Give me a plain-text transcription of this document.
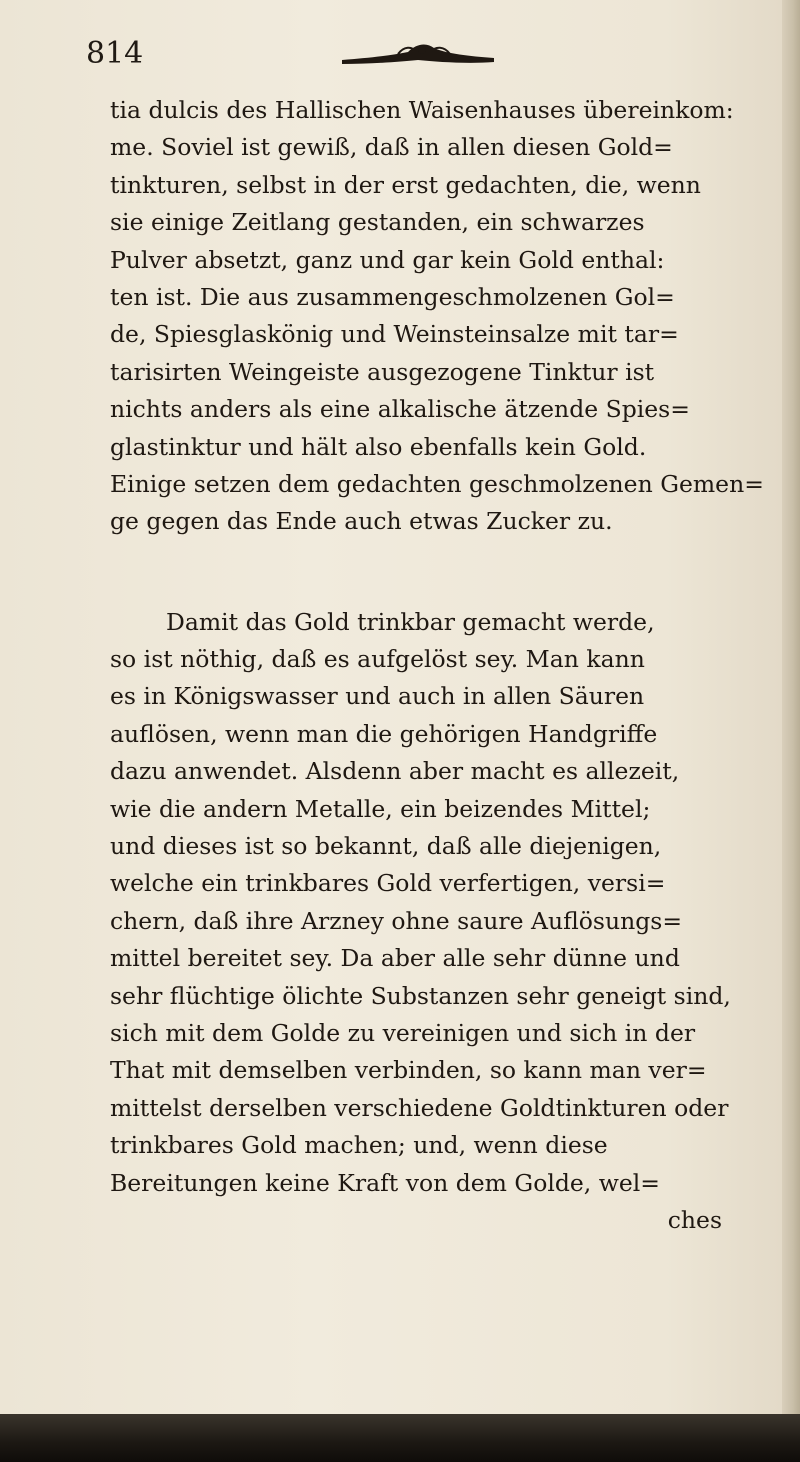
814
tia dulcis des Hallischen Waisenhauses übereinkom:
me. Soviel ist gewiß, daß in allen diesen Gold=
tinkturen, selbst in der erst gedachten, die, wenn
sie einige Zeitlang gestanden, ein schwarzes
Pulver absetzt, ganz und gar kein Gold enthal:
ten ist. Die aus zusammengeschmolzenen Gol=
de, Spiesglaskönig und Weinsteinsalze mit tar=
tarisirten Weingeiste ausgezogene Tinktur ist
nichts anders als eine alkalische ätzende Spies=
glastinktur und hält also ebenfalls kein Gold.
Einige setzen dem gedachten geschmolzenen Gemen=
ge gegen das Ende auch etwas Zucker zu.
Damit das Gold trinkbar gemacht werde,
so ist nöthig, daß es aufgelöst sey. Man kann
es in Königswasser und auch in allen Säuren
auflösen, wenn man die gehörigen Handgriffe
dazu anwendet. Alsdenn aber macht es allezeit,
wie die andern Metalle, ein beizendes Mittel;
und dieses ist so bekannt, daß alle diejenigen,
welche ein trinkbares Gold verfertigen, versi=
chern, daß ihre Arzney ohne saure Auflösungs=
mittel bereitet sey. Da aber alle sehr dünne und
sehr flüchtige ölichte Substanzen sehr geneigt sind,
sich mit dem Golde zu vereinigen und sich in der
That mit demselben verbinden, so kann man ver=
mittelst derselben verschiedene Goldtinkturen oder
trinkbares Gold machen; und, wenn diese
Bereitungen keine Kraft von dem Golde, wel=
ches
